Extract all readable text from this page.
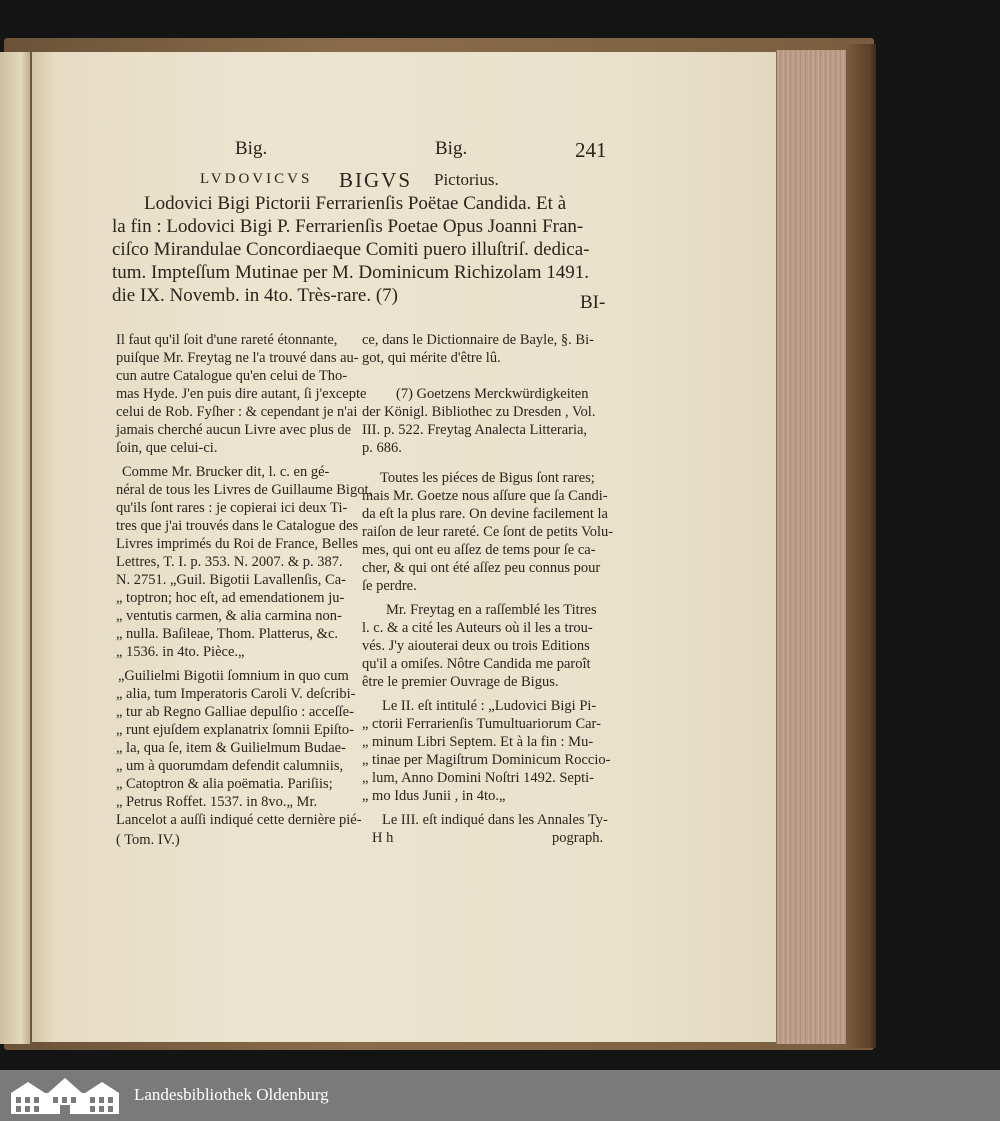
Big.	Big.	241
LVDOVICVS BIGVS Pictorius.
Lodovici Bigi Pictorii Ferrarienſis Poëtae Candida. Et à
la fin : Lodovici Bigi P. Ferrarienſis Poetae Opus Joanni Fran-
ciſco Mirandulae Concordiaeque Comiti puero illuſtriſ. dedica-
tum. Impteſſum Mutinae per M. Dominicum Richizolam 1491.
die IX. Novemb. in 4to. Très-rare. (7)	BI-
Il faut qu'il ſoit d'une rareté étonnante,
puiſque Mr. Freytag ne l'a trouvé dans au-
cun autre Catalogue qu'en celui de Tho-
mas Hyde. J'en puis dire autant, ſi j'excepte
celui de Rob. Fyſher : & cependant je n'ai
jamais cherché aucun Livre avec plus de
ſoin, que celui-ci.
Comme Mr. Brucker dit, l. c. en gé-
néral de tous les Livres de Guillaume Bigot,
qu'ils ſont rares : je copierai ici deux Ti-
tres que j'ai trouvés dans le Catalogue des
Livres imprimés du Roi de France, Belles
Lettres, T. I. p. 353. N. 2007. & p. 387.
N. 2751. „Guil. Bigotii Lavallenſis, Ca-
„ toptron; hoc eſt, ad emendationem ju-
„ ventutis carmen, & alia carmina non-
„ nulla. Baſileae, Thom. Platterus, &c.
„ 1536. in 4to. Pièce.„
„Guilielmi Bigotii ſomnium in quo cum
„ alia, tum Imperatoris Caroli V. deſcribi-
„ tur ab Regno Galliae depulſio : acceſſe-
„ runt ejuſdem explanatrix ſomnii Epiſto-
„ la, qua ſe, item & Guilielmum Budae-
„ um à quorumdam defendit calumniis,
„ Catoptron & alia poëmatia. Pariſiis;
„ Petrus Roffet. 1537. in 8vo.„ Mr.
Lancelot a auſſi indiqué cette dernière pié-
( Tom. IV.)
ce, dans le Dictionnaire de Bayle, §. Bi-
got, qui mérite d'être lû.
(7) Goetzens Merckwürdigkeiten
der Königl. Bibliothec zu Dresden , Vol.
III. p. 522. Freytag Analecta Litteraria,
p. 686.
Toutes les piéces de Bigus ſont rares;
mais Mr. Goetze nous aſſure que ſa Candi-
da eſt la plus rare. On devine facilement la
raiſon de leur rareté. Ce ſont de petits Volu-
mes, qui ont eu aſſez de tems pour ſe ca-
cher, & qui ont été aſſez peu connus pour
ſe perdre.
Mr. Freytag en a raſſemblé les Titres
l. c. & a cité les Auteurs où il les a trou-
vés. J'y aiouterai deux ou trois Editions
qu'il a omiſes. Nôtre Candida me paroît
être le premier Ouvrage de Bigus.
Le II. eſt intitulé : „Ludovici Bigi Pi-
„ ctorii Ferrarienſis Tumultuariorum Car-
„ minum Libri Septem. Et à la fin : Mu-
„ tinae per Magiſtrum Dominicum Roccio-
„ lum, Anno Domini Noſtri 1492. Septi-
„ mo Idus Junii , in 4to.„
Le III. eſt indiqué dans les Annales Ty-
H h	pograph.
Landesbibliothek Oldenburg
